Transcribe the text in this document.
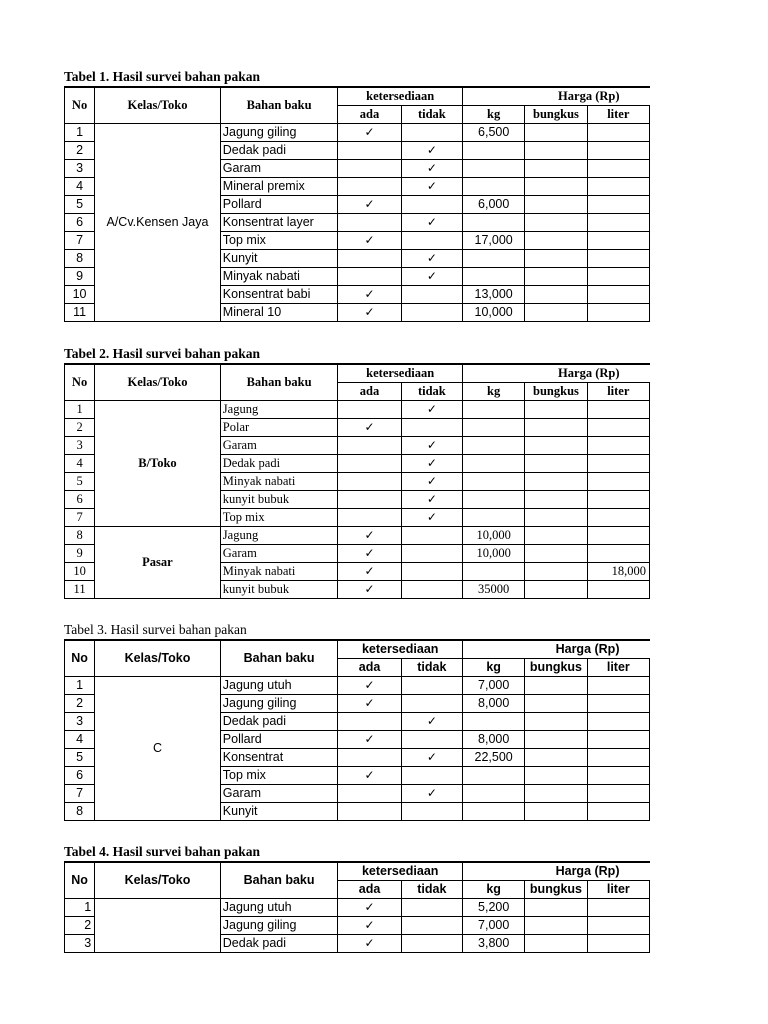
Tabel 1. Hasil survei bahan pakan
No	Kelas/Toko	Bahan baku	ketersediaan		Harga (Rp)		
			ada	tidak	kg	bungkus	liter
1	A/Cv.Kensen Jaya	Jagung giling	✓		6,500		
2		Dedak padi		✓			
3		Garam		✓			
4		Mineral premix		✓			
5		Pollard	✓		6,000		
6		Konsentrat layer		✓			
7		Top mix	✓		17,000		
8		Kunyit		✓			
9		Minyak nabati		✓			
10		Konsentrat babi	✓		13,000		
11		Mineral 10	✓		10,000		
Tabel 2. Hasil survei bahan pakan
No	Kelas/Toko	Bahan baku	ketersediaan		Harga (Rp)		
			ada	tidak	kg	bungkus	liter
1	B/Toko	Jagung		✓			
2		Polar	✓				
3		Garam		✓			
4		Dedak padi		✓			
5		Minyak nabati		✓			
6		kunyit bubuk		✓			
7		Top mix		✓			
8	Pasar	Jagung	✓		10,000		
9		Garam	✓		10,000		
10		Minyak nabati	✓				18,000
11		kunyit bubuk	✓		35000		
Tabel 3. Hasil survei bahan pakan
No	Kelas/Toko	Bahan baku	ketersediaan		Harga (Rp)		
			ada	tidak	kg	bungkus	liter
1	C	Jagung utuh	✓		7,000		
2		Jagung giling	✓		8,000		
3		Dedak padi		✓			
4		Pollard	✓		8,000		
5		Konsentrat		✓	22,500		
6		Top mix	✓				
7		Garam		✓			
8		Kunyit					
Tabel 4. Hasil survei bahan pakan
No	Kelas/Toko	Bahan baku	ketersediaan		Harga (Rp)		
			ada	tidak	kg	bungkus	liter
1		Jagung utuh	✓		5,200		
2		Jagung giling	✓		7,000		
3		Dedak padi	✓		3,800		
